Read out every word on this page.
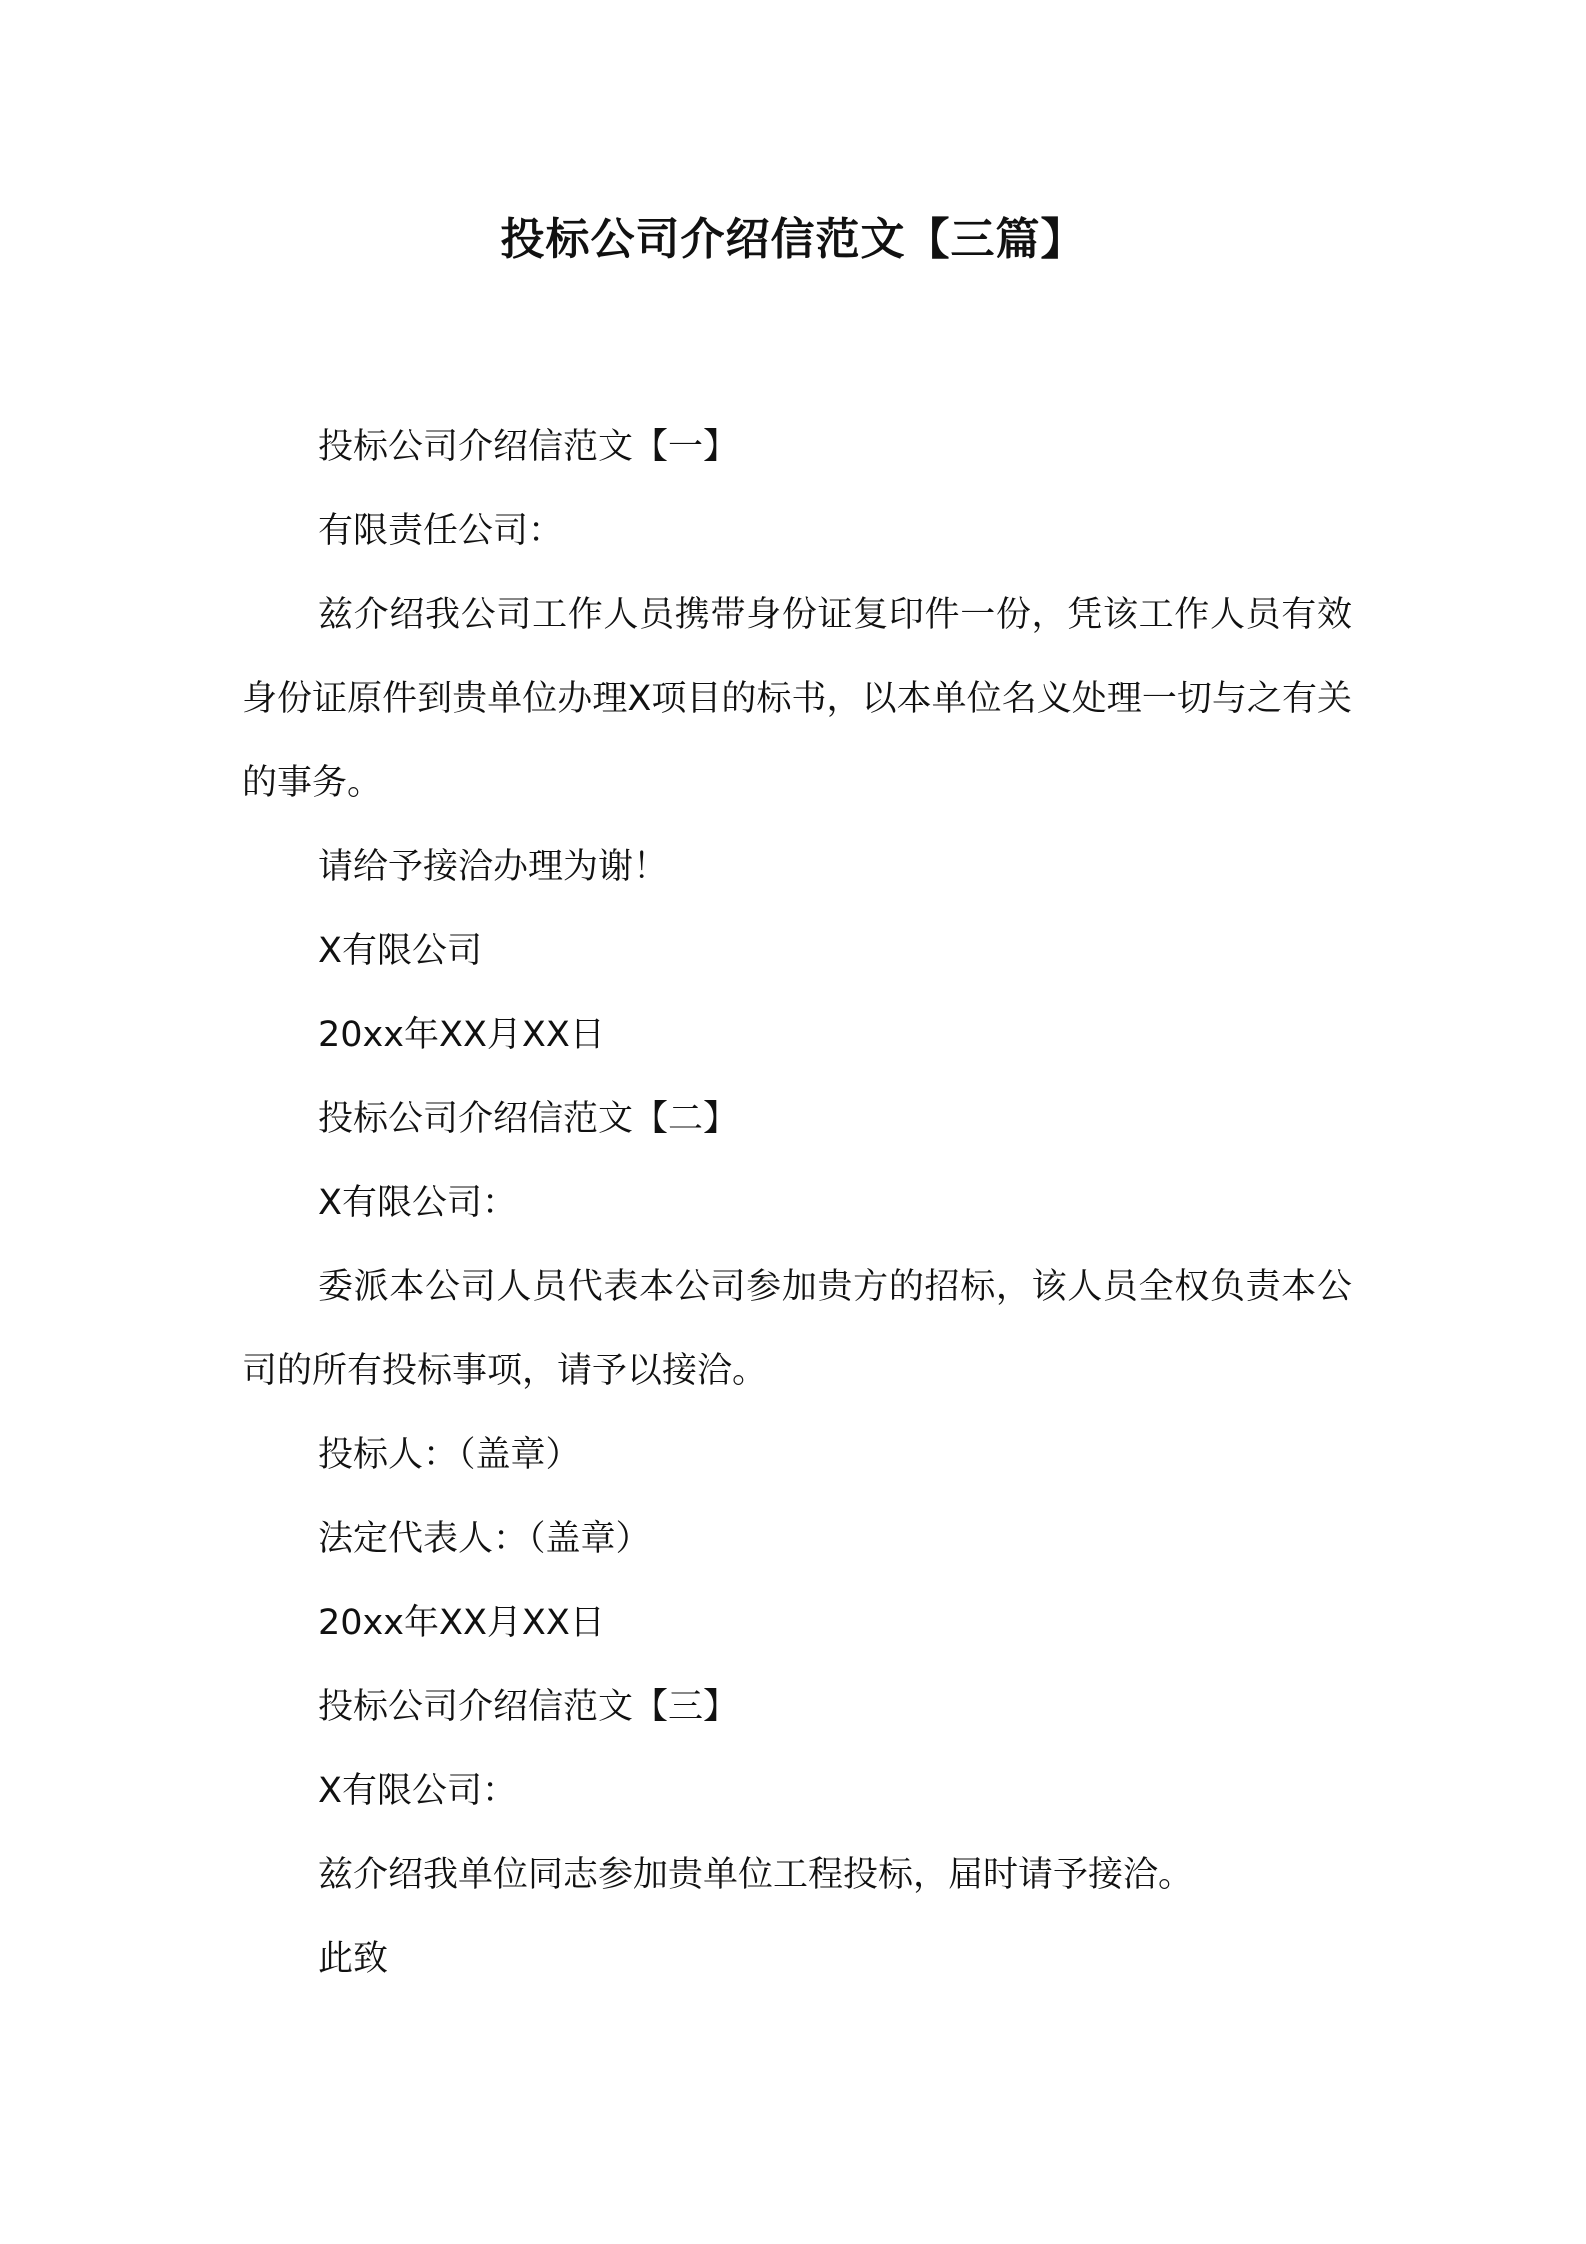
投标公司介绍信范文【三篇】

投标公司介绍信范文【一】

有限责任公司：

兹介绍我公司工作人员携带身份证复印件一份，凭该工作人员有效身份证原件到贵单位办理X项目的标书，以本单位名义处理一切与之有关的事务。

请给予接洽办理为谢！

X有限公司

20xx年XX月XX日

投标公司介绍信范文【二】

X有限公司：

委派本公司人员代表本公司参加贵方的招标，该人员全权负责本公司的所有投标事项，请予以接洽。

投标人：（盖章）

法定代表人：（盖章）

20xx年XX月XX日

投标公司介绍信范文【三】

X有限公司：

兹介绍我单位同志参加贵单位工程投标，届时请予接洽。

此致
